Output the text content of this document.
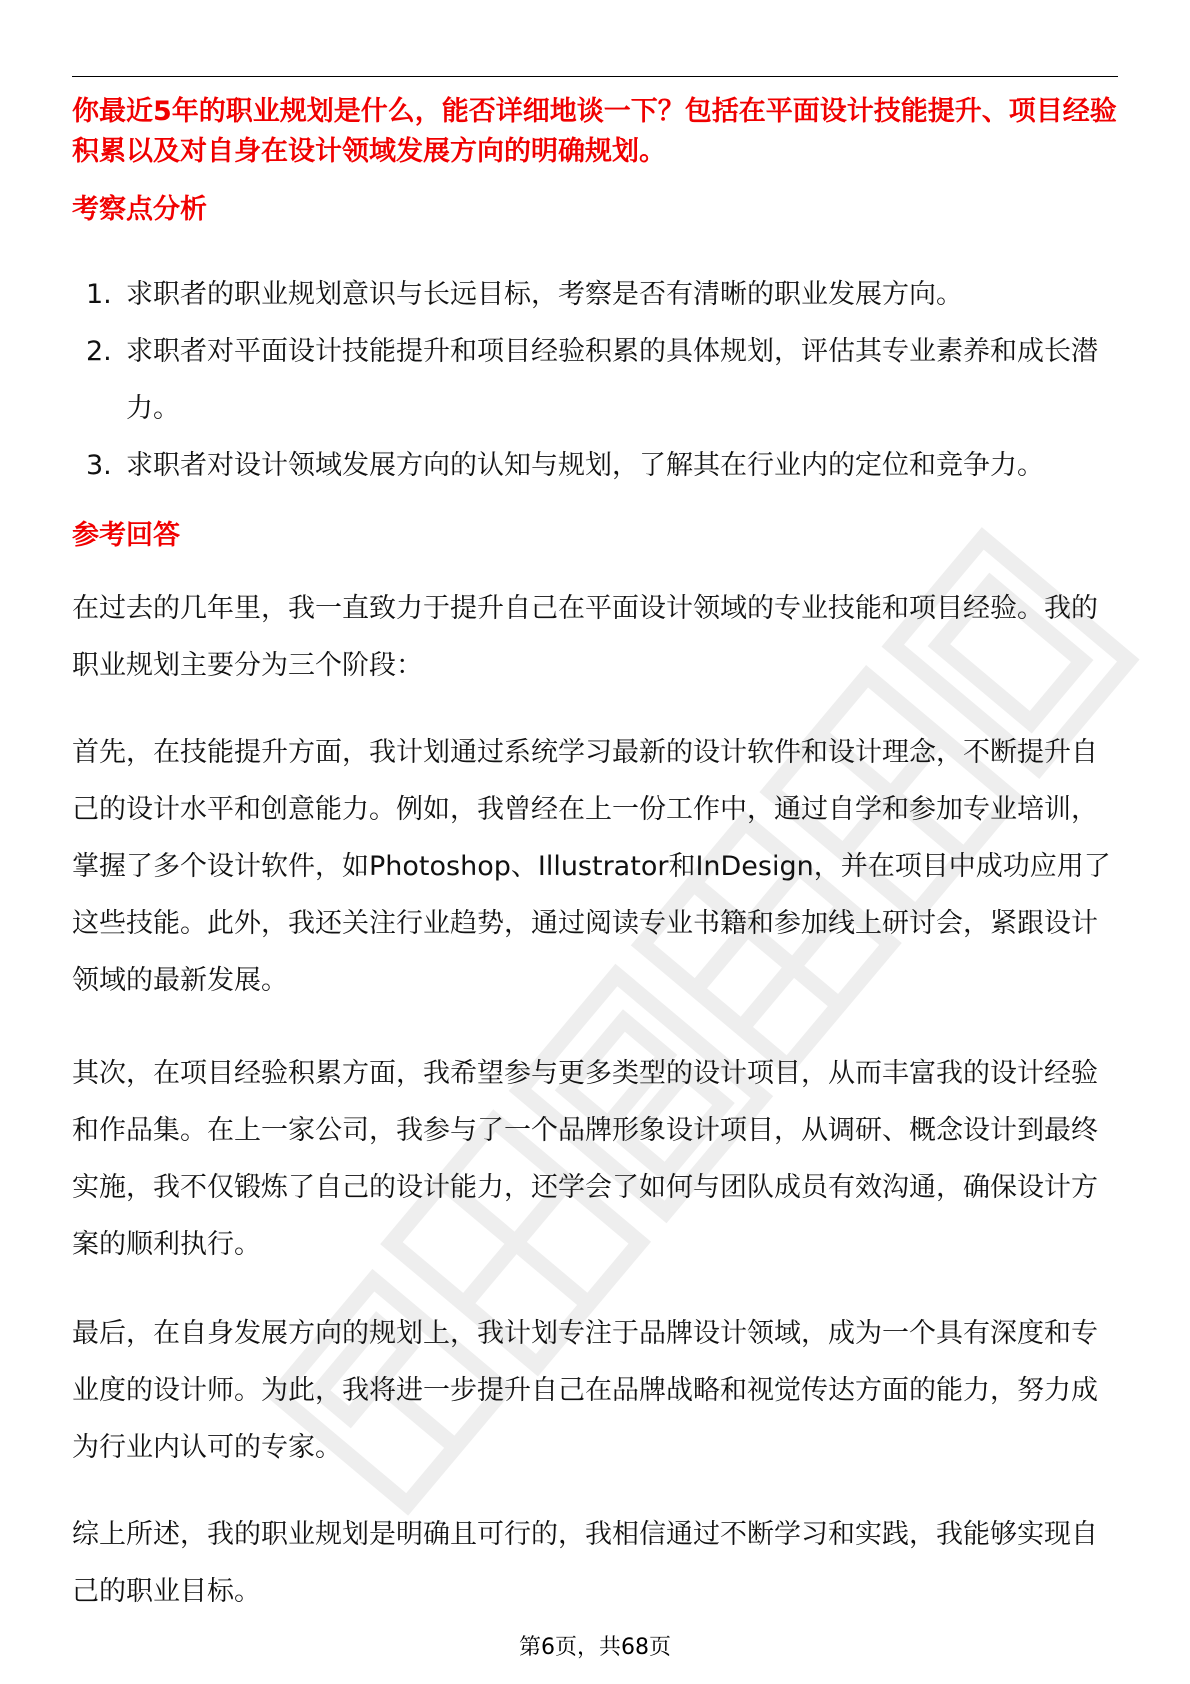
你最近5年的职业规划是什么，能否详细地谈一下？包括在平面设计技能提升、项目经验积累以及对自身在设计领域发展方向的明确规划。

考察点分析
1. 求职者的职业规划意识与长远目标，考察是否有清晰的职业发展方向。
2. 求职者对平面设计技能提升和项目经验积累的具体规划，评估其专业素养和成长潜力。
3. 求职者对设计领域发展方向的认知与规划，了解其在行业内的定位和竞争力。
参考回答

在过去的几年里，我一直致力于提升自己在平面设计领域的专业技能和项目经验。我的职业规划主要分为三个阶段：

首先，在技能提升方面，我计划通过系统学习最新的设计软件和设计理念，不断提升自己的设计水平和创意能力。例如，我曾经在上一份工作中，通过自学和参加专业培训，掌握了多个设计软件，如Photoshop、Illustrator和InDesign，并在项目中成功应用了这些技能。此外，我还关注行业趋势，通过阅读专业书籍和参加线上研讨会，紧跟设计领域的最新发展。

其次，在项目经验积累方面，我希望参与更多类型的设计项目，从而丰富我的设计经验和作品集。在上一家公司，我参与了一个品牌形象设计项目，从调研、概念设计到最终实施，我不仅锻炼了自己的设计能力，还学会了如何与团队成员有效沟通，确保设计方案的顺利执行。

最后，在自身发展方向的规划上，我计划专注于品牌设计领域，成为一个具有深度和专业度的设计师。为此，我将进一步提升自己在品牌战略和视觉传达方面的能力，努力成为行业内认可的专家。

综上所述，我的职业规划是明确且可行的，我相信通过不断学习和实践，我能够实现自己的职业目标。

第6页，共68页
